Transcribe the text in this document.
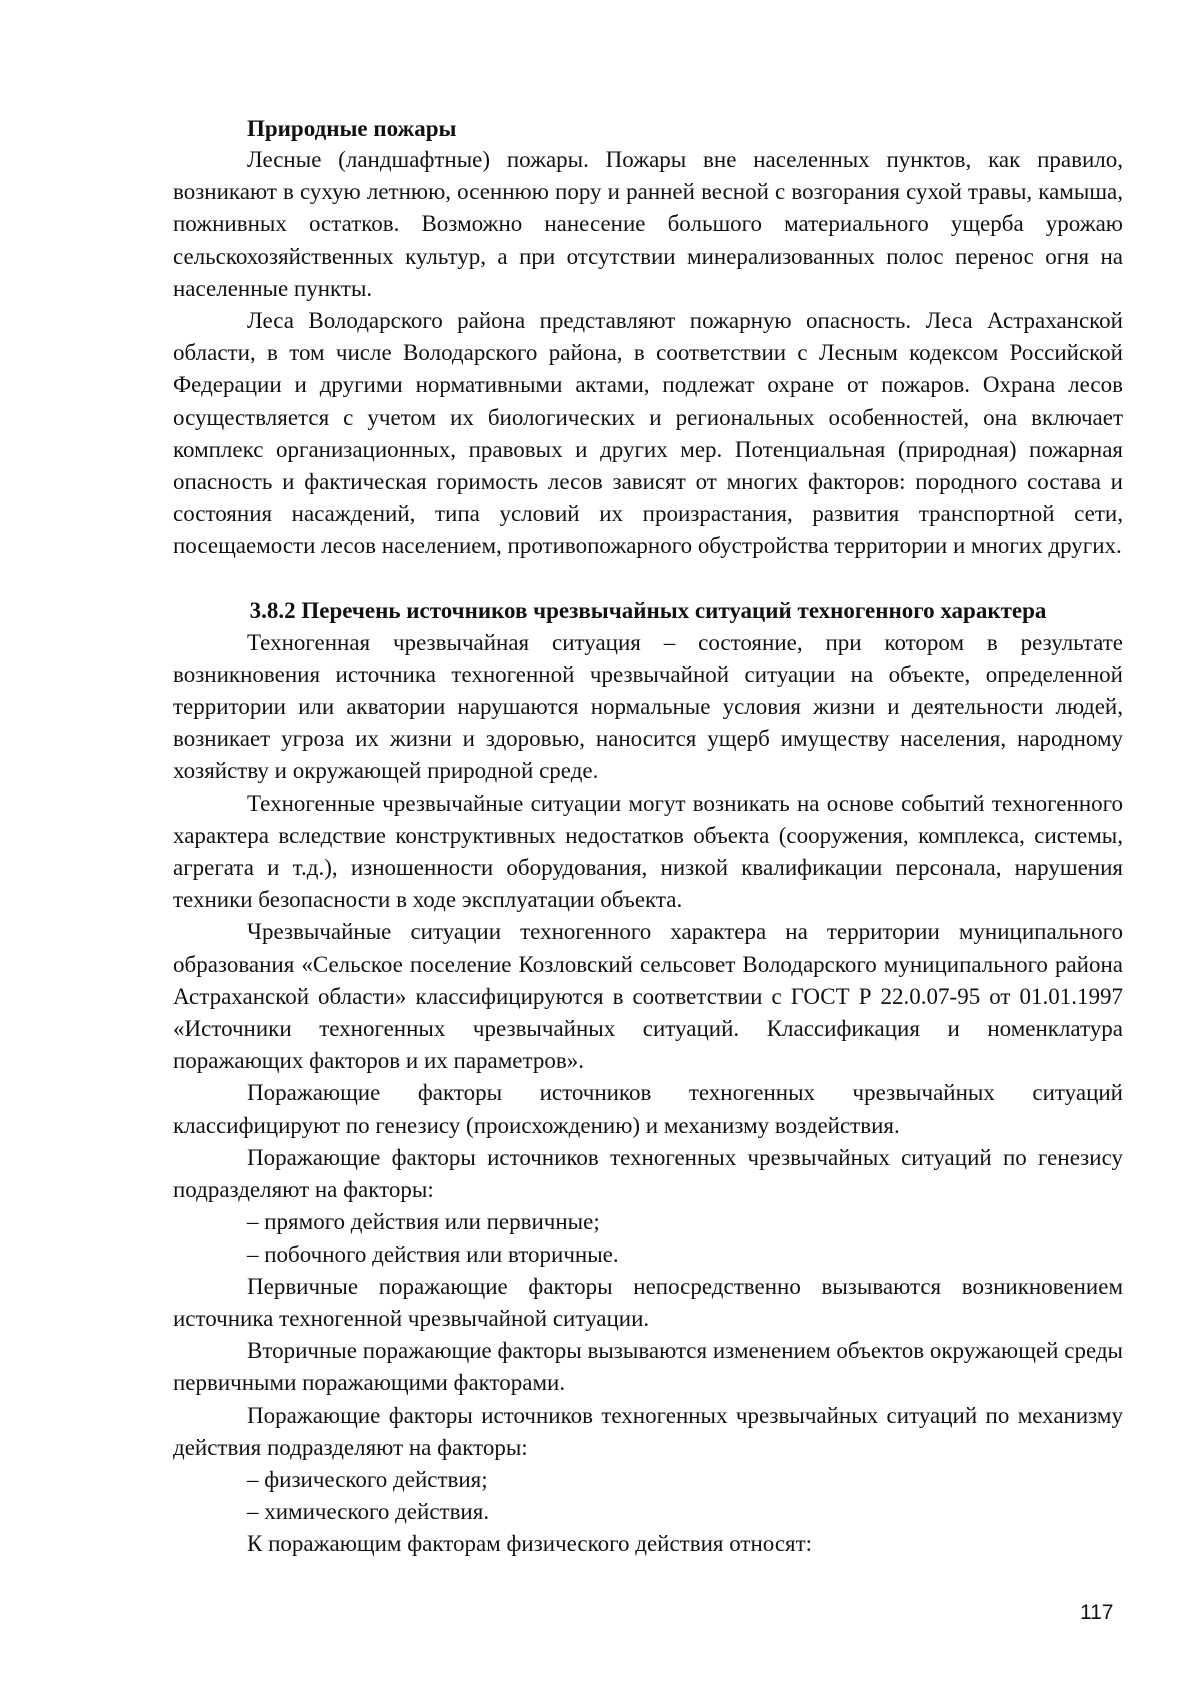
Природные пожары

Лесные (ландшафтные) пожары. Пожары вне населенных пунктов, как правило, возникают в сухую летнюю, осеннюю пору и ранней весной с возгорания сухой травы, камыша, пожнивных остатков. Возможно нанесение большого материального ущерба урожаю сельскохозяйственных культур, а при отсутствии минерализованных полос перенос огня на населенные пункты.

Леса Володарского района представляют пожарную опасность. Леса Астраханской области, в том числе Володарского района, в соответствии с Лесным кодексом Российской Федерации и другими нормативными актами, подлежат охране от пожаров. Охрана лесов осуществляется с учетом их биологических и региональных особенностей, она включает комплекс организационных, правовых и других мер. Потенциальная (природная) пожарная опасность и фактическая горимость лесов зависят от многих факторов: породного состава и состояния насаждений, типа условий их произрастания, развития транспортной сети, посещаемости лесов населением, противопожарного обустройства территории и многих других.

3.8.2 Перечень источников чрезвычайных ситуаций техногенного характера

Техногенная чрезвычайная ситуация – состояние, при котором в результате возникновения источника техногенной чрезвычайной ситуации на объекте, определенной территории или акватории нарушаются нормальные условия жизни и деятельности людей, возникает угроза их жизни и здоровью, наносится ущерб имуществу населения, народному хозяйству и окружающей природной среде.

Техногенные чрезвычайные ситуации могут возникать на основе событий техногенного характера вследствие конструктивных недостатков объекта (сооружения, комплекса, системы, агрегата и т.д.), изношенности оборудования, низкой квалификации персонала, нарушения техники безопасности в ходе эксплуатации объекта.

Чрезвычайные ситуации техногенного характера на территории муниципального образования «Сельское поселение Козловский сельсовет Володарского муниципального района Астраханской области» классифицируются в соответствии с ГОСТ Р 22.0.07-95 от 01.01.1997 «Источники техногенных чрезвычайных ситуаций. Классификация и номенклатура поражающих факторов и их параметров».

Поражающие факторы источников техногенных чрезвычайных ситуаций классифицируют по генезису (происхождению) и механизму воздействия.

Поражающие факторы источников техногенных чрезвычайных ситуаций по генезису подразделяют на факторы:

– прямого действия или первичные;

– побочного действия или вторичные.

Первичные поражающие факторы непосредственно вызываются возникновением источника техногенной чрезвычайной ситуации.

Вторичные поражающие факторы вызываются изменением объектов окружающей среды первичными поражающими факторами.

Поражающие факторы источников техногенных чрезвычайных ситуаций по механизму действия подразделяют на факторы:

– физического действия;

– химического действия.

К поражающим факторам физического действия относят:

117
